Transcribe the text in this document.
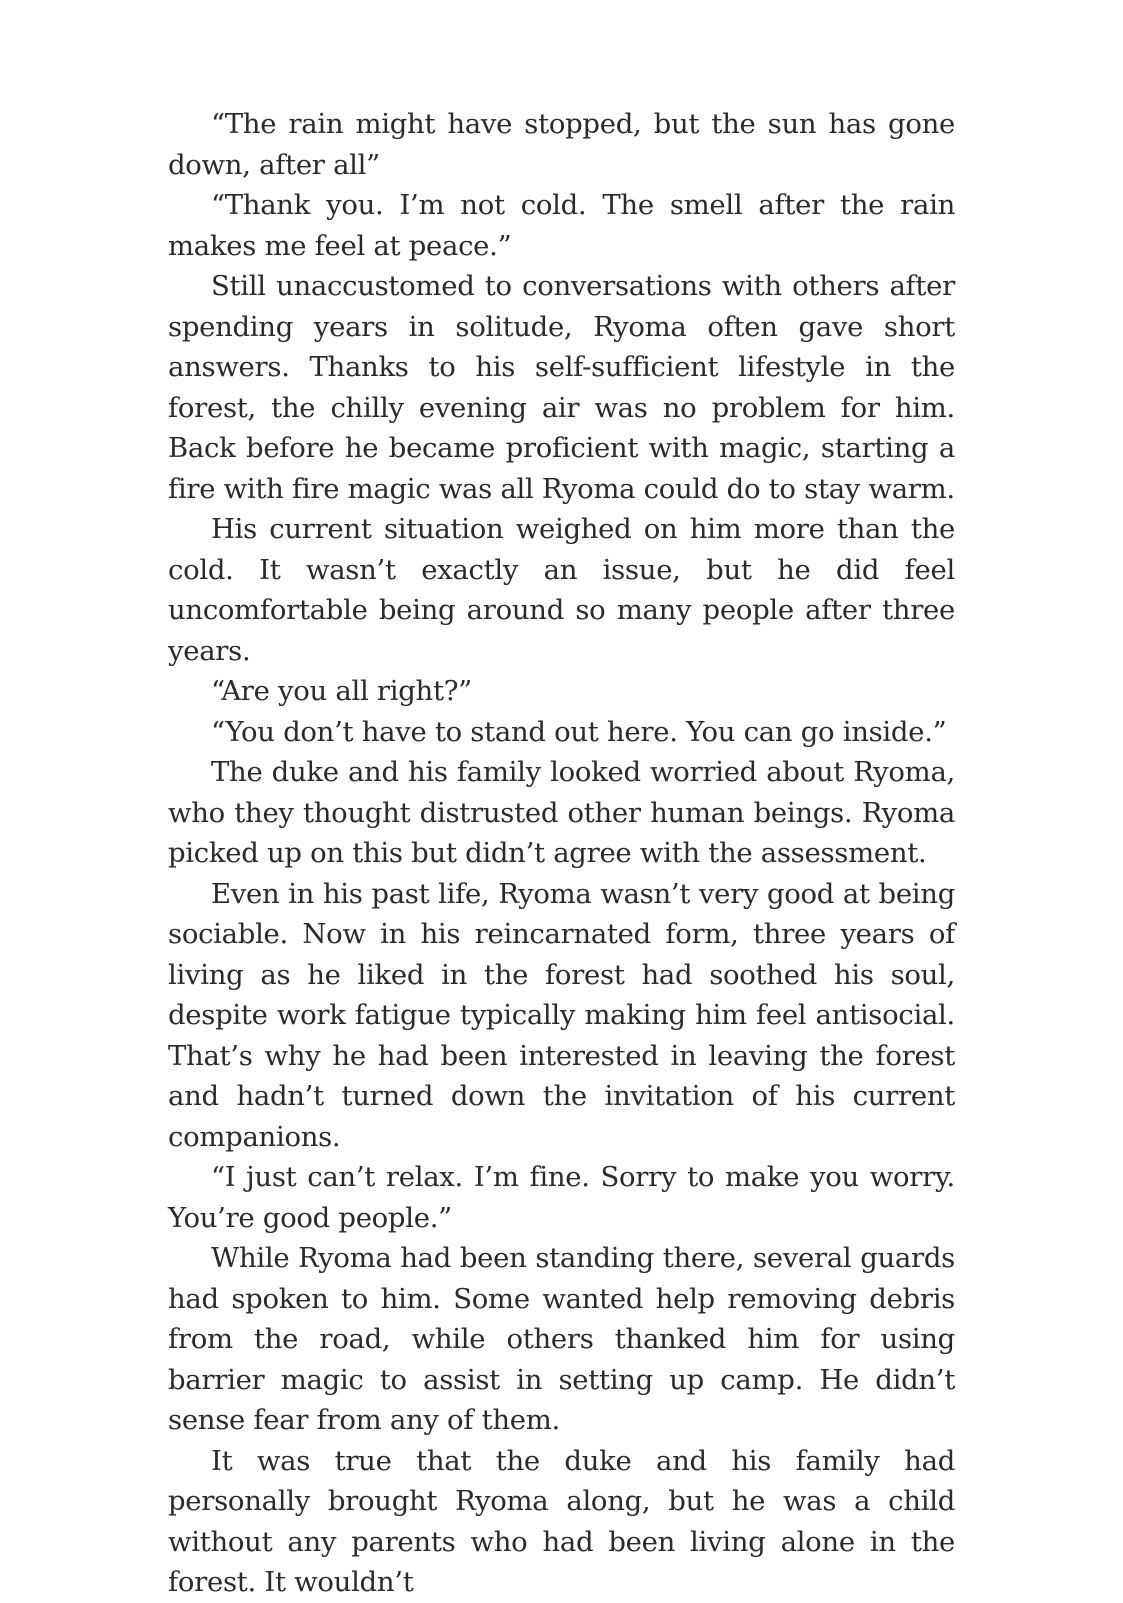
“The rain might have stopped, but the sun has gone down, after all”

“Thank you. I’m not cold. The smell after the rain makes me feel at peace.”

Still unaccustomed to conversations with others after spending years in solitude, Ryoma often gave short answers. Thanks to his self-sufficient lifestyle in the forest, the chilly evening air was no problem for him. Back before he became proficient with magic, starting a fire with fire magic was all Ryoma could do to stay warm.

His current situation weighed on him more than the cold. It wasn’t exactly an issue, but he did feel uncomfortable being around so many people after three years.

“Are you all right?”

“You don’t have to stand out here. You can go inside.”

The duke and his family looked worried about Ryoma, who they thought distrusted other human beings. Ryoma picked up on this but didn’t agree with the assessment.

Even in his past life, Ryoma wasn’t very good at being sociable. Now in his reincarnated form, three years of living as he liked in the forest had soothed his soul, despite work fatigue typically making him feel antisocial. That’s why he had been interested in leaving the forest and hadn’t turned down the invitation of his current companions.

“I just can’t relax. I’m fine. Sorry to make you worry. You’re good people.”

While Ryoma had been standing there, several guards had spoken to him. Some wanted help removing debris from the road, while others thanked him for using barrier magic to assist in setting up camp. He didn’t sense fear from any of them.

It was true that the duke and his family had personally brought Ryoma along, but he was a child without any parents who had been living alone in the forest. It wouldn’t
